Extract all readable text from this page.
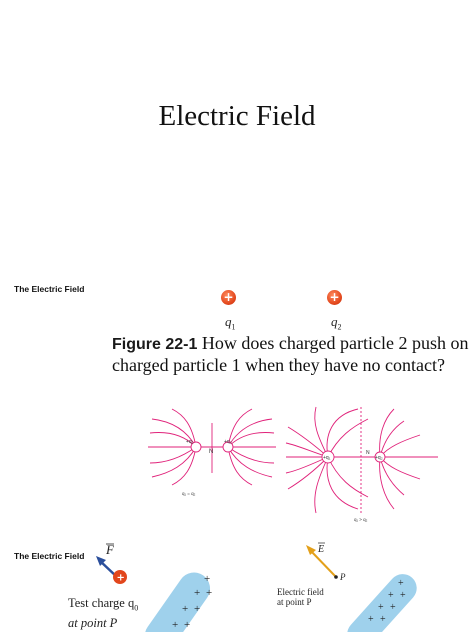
Electric Field
The Electric Field
+
$q_1$
+
$q_2$
Figure 22-1 How does charged particle 2 push on charged particle 1 when they have no contact?
+q₁	+q₂
N
q₁ = q₂
+q₁	+q₂
N
q₁ > q₂
The Electric Field
+
+ +
+ +
+ +
F
+	+
+ +
+ +
+ +
E
P
Test charge $q_0$
at point P
Electric field
at point P
